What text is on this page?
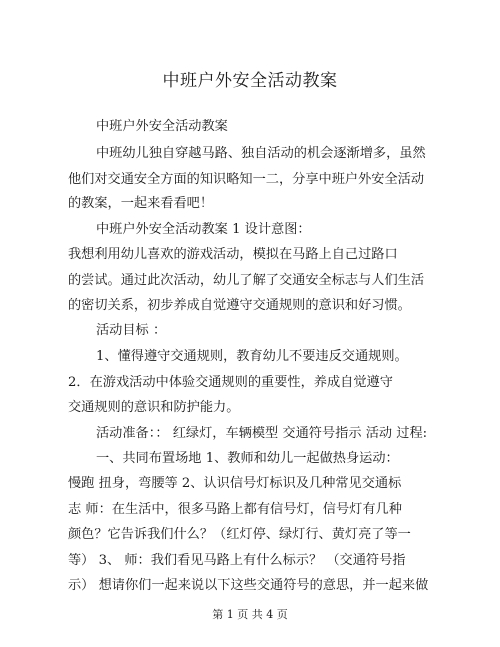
中班户外安全活动教案
中班户外安全活动教案
中班幼儿独自穿越马路、独自活动的机会逐渐增多，虽然
他们对交通安全方面的知识略知一二，分享中班户外安全活动
的教案，一起来看看吧！
中班户外安全活动教案 1 设计意图：
我想利用幼儿喜欢的游戏活动，模拟在马路上自己过路口
的尝试。通过此次活动，幼儿了解了交通安全标志与人们生活
的密切关系，初步养成自觉遵守交通规则的意识和好习惯。
活动目标 ：
1、懂得遵守交通规则，教育幼儿不要违反交通规则。
2．在游戏活动中体验交通规则的重要性，养成自觉遵守
交通规则的意识和防护能力。
活动准备：： 红绿灯，车辆模型 交通符号指示 活动 过程:
一、共同布置场地 1、教师和幼儿一起做热身运动：
慢跑 扭身，弯腰等 2、认识信号灯标识及几种常见交通标
志 师：在生活中，很多马路上都有信号灯，信号灯有几种
颜色？它告诉我们什么？（红灯停、绿灯行、黄灯亮了等一
等） 3、 师：我们看见马路上有什么标示？ （交通符号指
示） 想请你们一起来说以下这些交通符号的意思，并一起来做
第 1 页 共 4 页
